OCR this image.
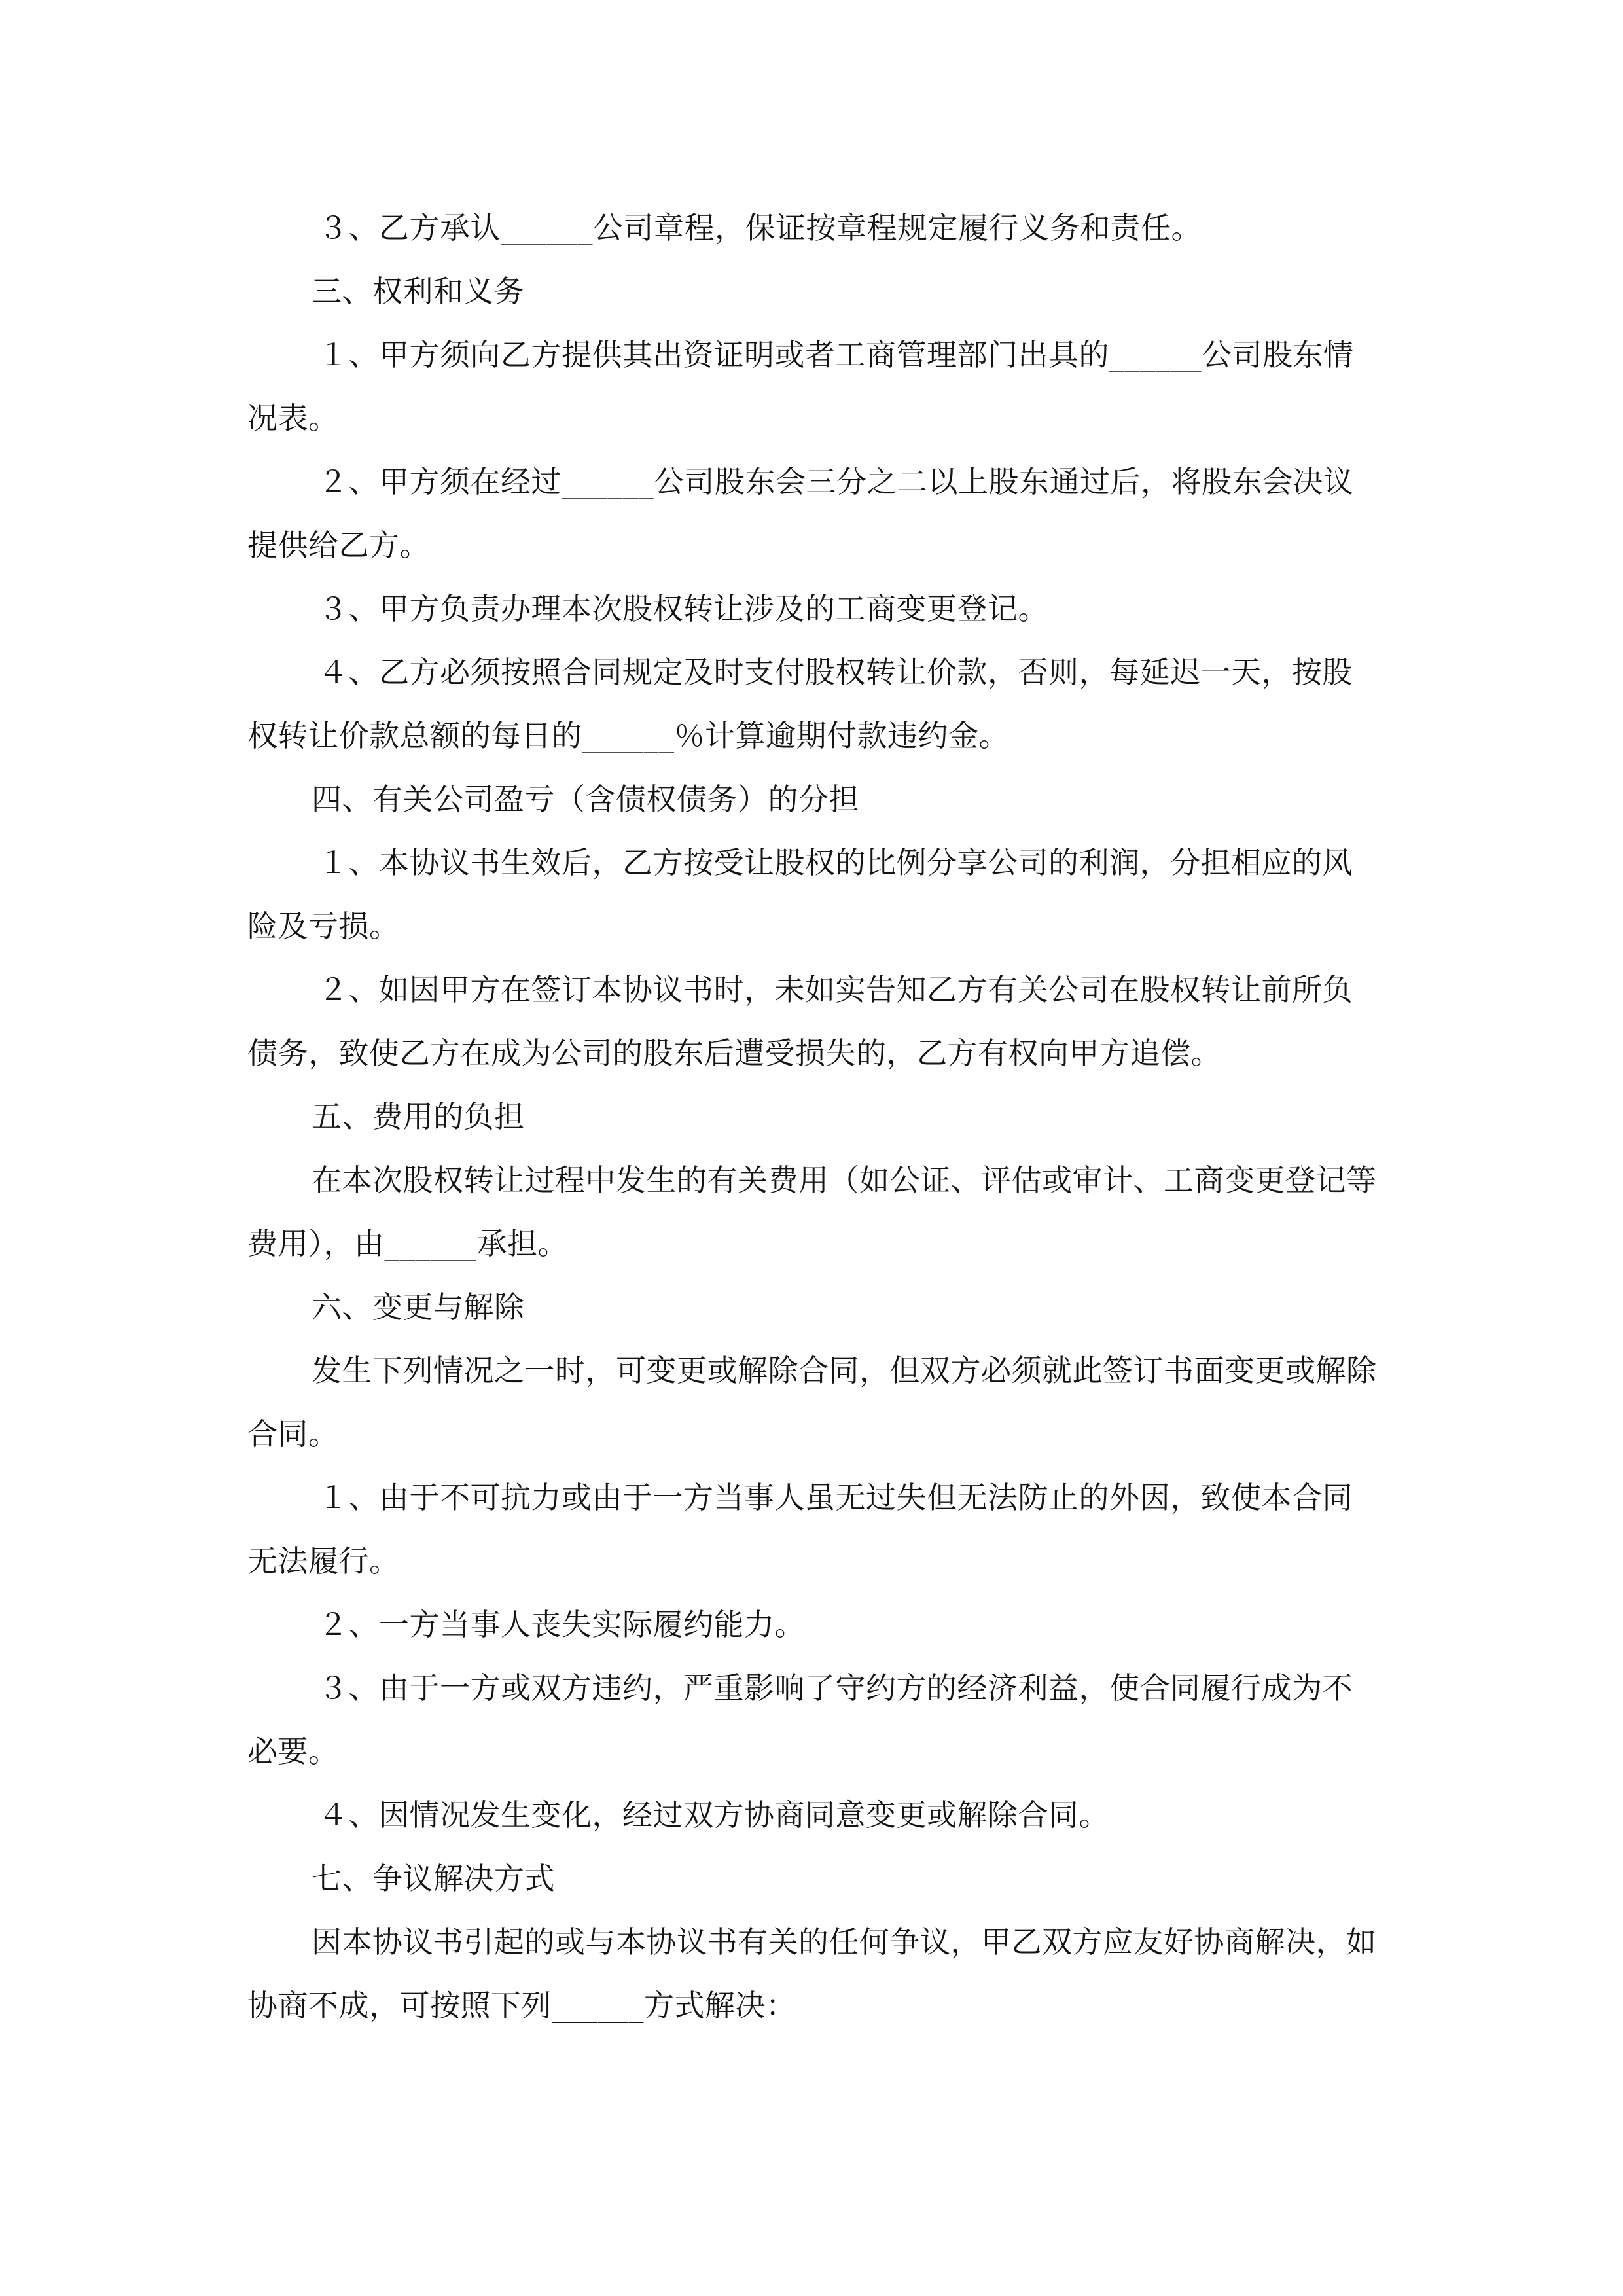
３、乙方承认______公司章程，保证按章程规定履行义务和责任。

三、权利和义务

１、甲方须向乙方提供其出资证明或者工商管理部门出具的______公司股东情况表。

２、甲方须在经过______公司股东会三分之二以上股东通过后，将股东会决议提供给乙方。

３、甲方负责办理本次股权转让涉及的工商变更登记。

４、乙方必须按照合同规定及时支付股权转让价款，否则，每延迟一天，按股权转让价款总额的每日的______％计算逾期付款违约金。

四、有关公司盈亏（含债权债务）的分担

１、本协议书生效后，乙方按受让股权的比例分享公司的利润，分担相应的风险及亏损。

２、如因甲方在签订本协议书时，未如实告知乙方有关公司在股权转让前所负债务，致使乙方在成为公司的股东后遭受损失的，乙方有权向甲方追偿。

五、费用的负担

在本次股权转让过程中发生的有关费用（如公证、评估或审计、工商变更登记等费用），由______承担。

六、变更与解除

发生下列情况之一时，可变更或解除合同，但双方必须就此签订书面变更或解除合同。

１、由于不可抗力或由于一方当事人虽无过失但无法防止的外因，致使本合同无法履行。

２、一方当事人丧失实际履约能力。

３、由于一方或双方违约，严重影响了守约方的经济利益，使合同履行成为不必要。

４、因情况发生变化，经过双方协商同意变更或解除合同。

七、争议解决方式

因本协议书引起的或与本协议书有关的任何争议，甲乙双方应友好协商解决，如协商不成，可按照下列______方式解决：
